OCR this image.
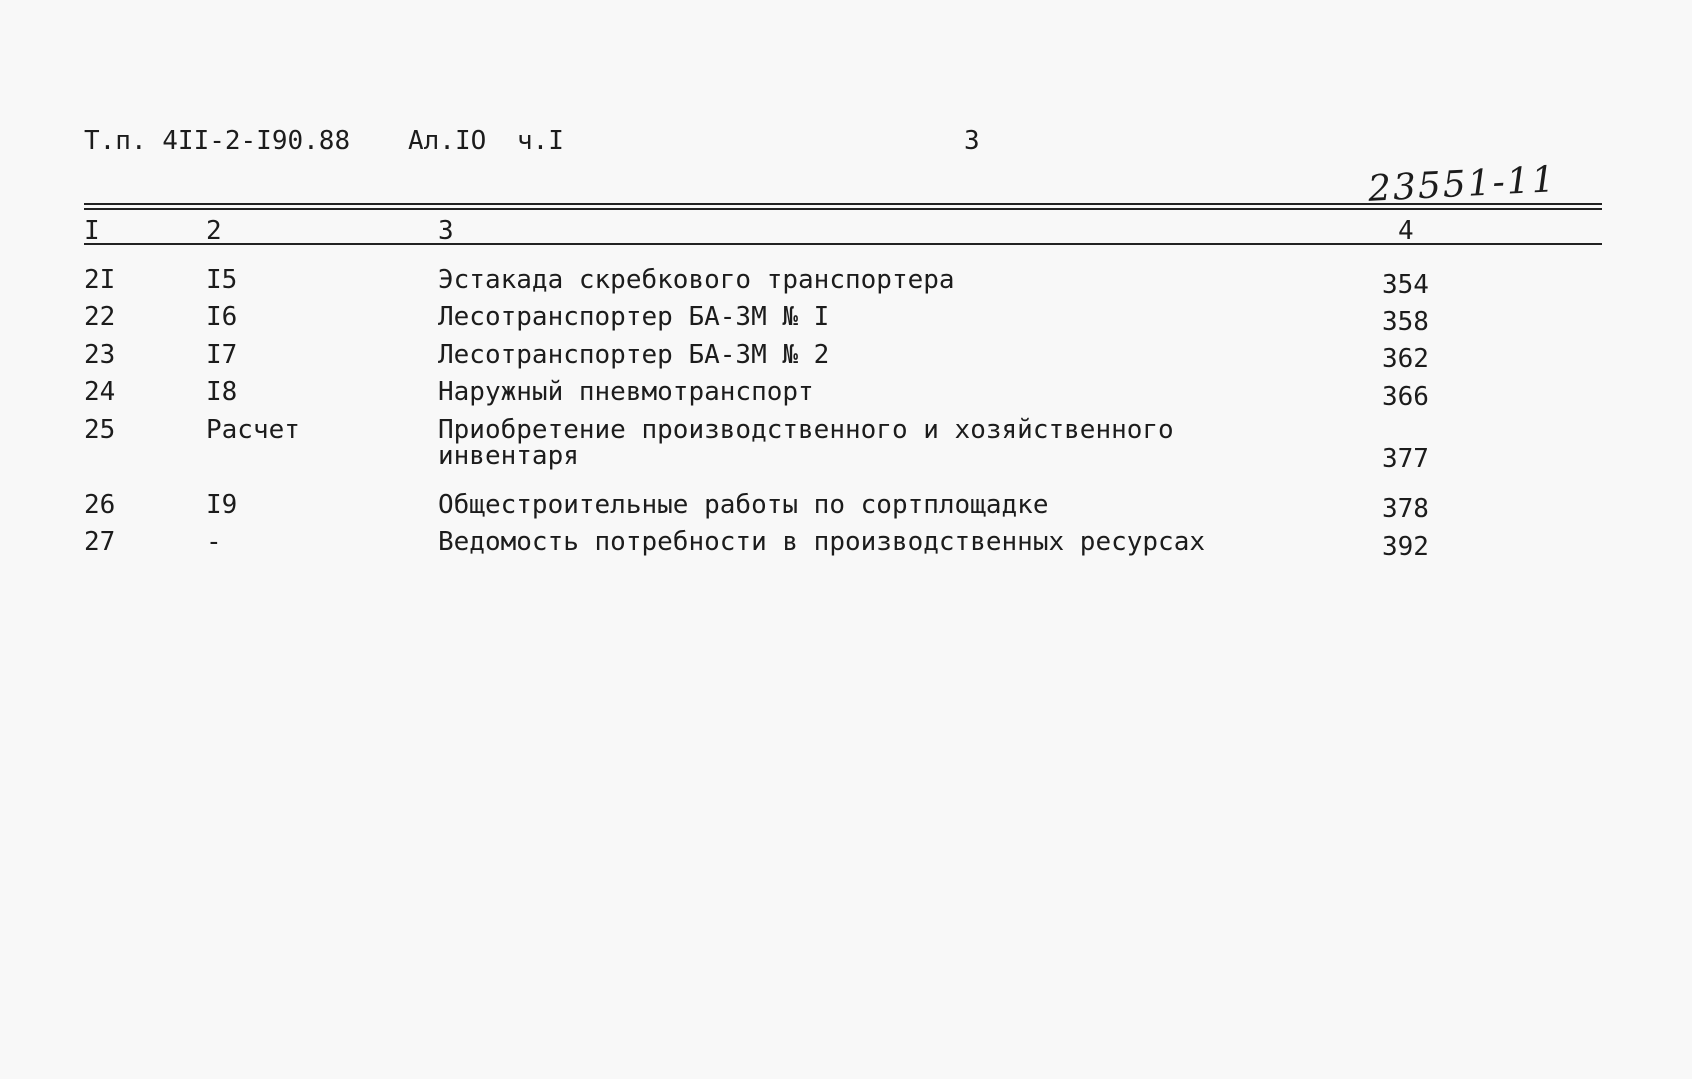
Т.п. 4II-2-I90.88 Ал.IO ч.I	3
23551-11
I	2	3	4
2I	I5	Эстакада скребкового транспортера	354
22	I6	Лесотранспортер БА-3М № I	358
23	I7	Лесотранспортер БА-3М № 2	362
24	I8	Наружный пневмотранспорт	366
25	Расчет	Приобретение производственного и хозяйственного
инвентаря	377
26	I9	Общестроительные работы по сортплощадке	378
27	-	Ведомость потребности в производственных ресурсах	392
